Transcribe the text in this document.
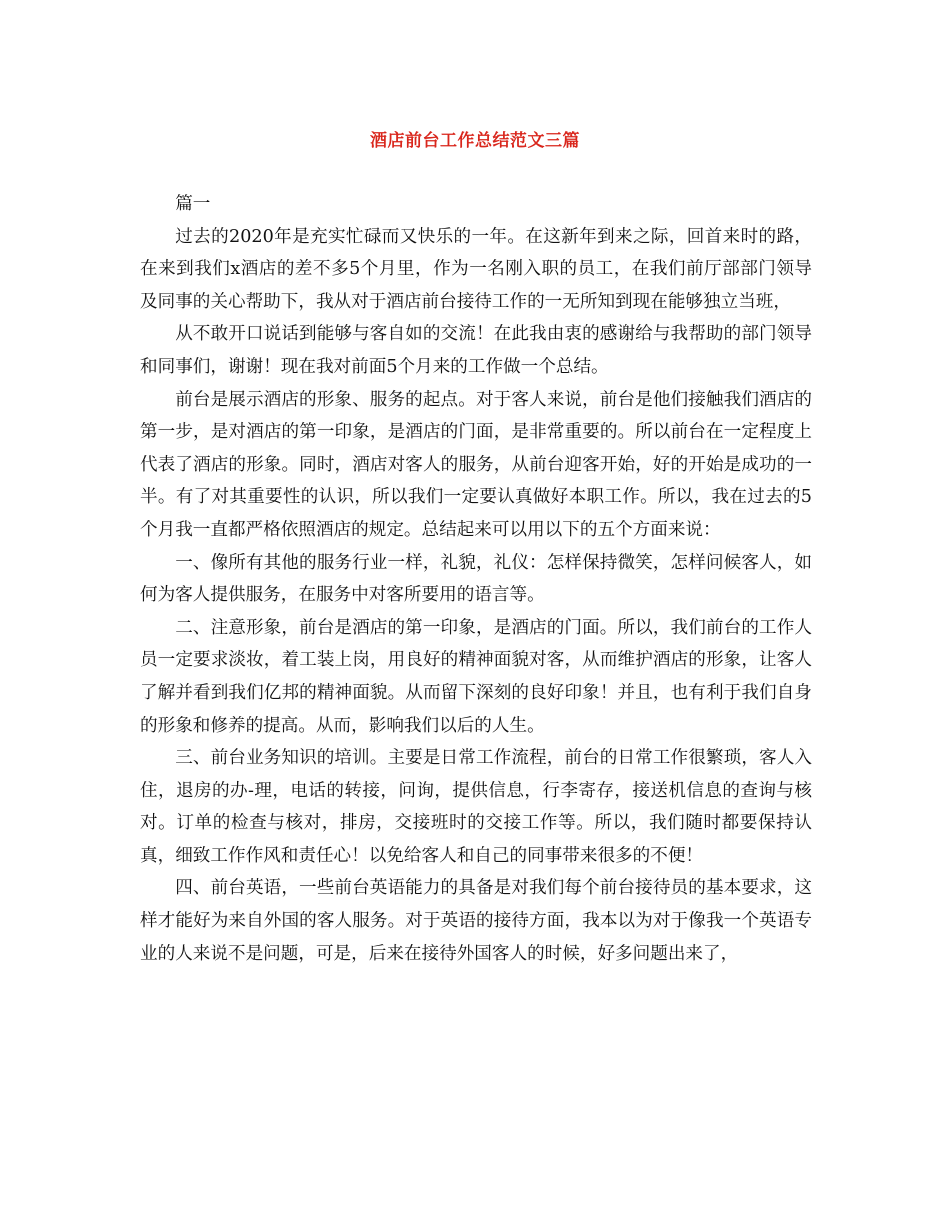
酒店前台工作总结范文三篇

篇一

过去的2020年是充实忙碌而又快乐的一年。在这新年到来之际，回首来时的路，在来到我们x酒店的差不多5个月里，作为一名刚入职的员工，在我们前厅部部门领导及同事的关心帮助下，我从对于酒店前台接待工作的一无所知到现在能够独立当班，

从不敢开口说话到能够与客自如的交流！在此我由衷的感谢给与我帮助的部门领导和同事们，谢谢！现在我对前面5个月来的工作做一个总结。

前台是展示酒店的形象、服务的起点。对于客人来说，前台是他们接触我们酒店的第一步，是对酒店的第一印象，是酒店的门面，是非常重要的。所以前台在一定程度上代表了酒店的形象。同时，酒店对客人的服务，从前台迎客开始，好的开始是成功的一半。有了对其重要性的认识，所以我们一定要认真做好本职工作。所以，我在过去的5个月我一直都严格依照酒店的规定。总结起来可以用以下的五个方面来说：

一、像所有其他的服务行业一样，礼貌，礼仪：怎样保持微笑，怎样问候客人，如何为客人提供服务，在服务中对客所要用的语言等。

二、注意形象，前台是酒店的第一印象，是酒店的门面。所以，我们前台的工作人员一定要求淡妆，着工装上岗，用良好的精神面貌对客，从而维护酒店的形象，让客人了解并看到我们亿邦的精神面貌。从而留下深刻的良好印象！并且，也有利于我们自身的形象和修养的提高。从而，影响我们以后的人生。

三、前台业务知识的培训。主要是日常工作流程，前台的日常工作很繁琐，客人入住，退房的办-理，电话的转接，问询，提供信息，行李寄存，接送机信息的查询与核对。订单的检查与核对，排房，交接班时的交接工作等。所以，我们随时都要保持认真，细致工作作风和责任心！以免给客人和自己的同事带来很多的不便！

四、前台英语，一些前台英语能力的具备是对我们每个前台接待员的基本要求，这样才能好为来自外国的客人服务。对于英语的接待方面，我本以为对于像我一个英语专业的人来说不是问题，可是，后来在接待外国客人的时候，好多问题出来了，
